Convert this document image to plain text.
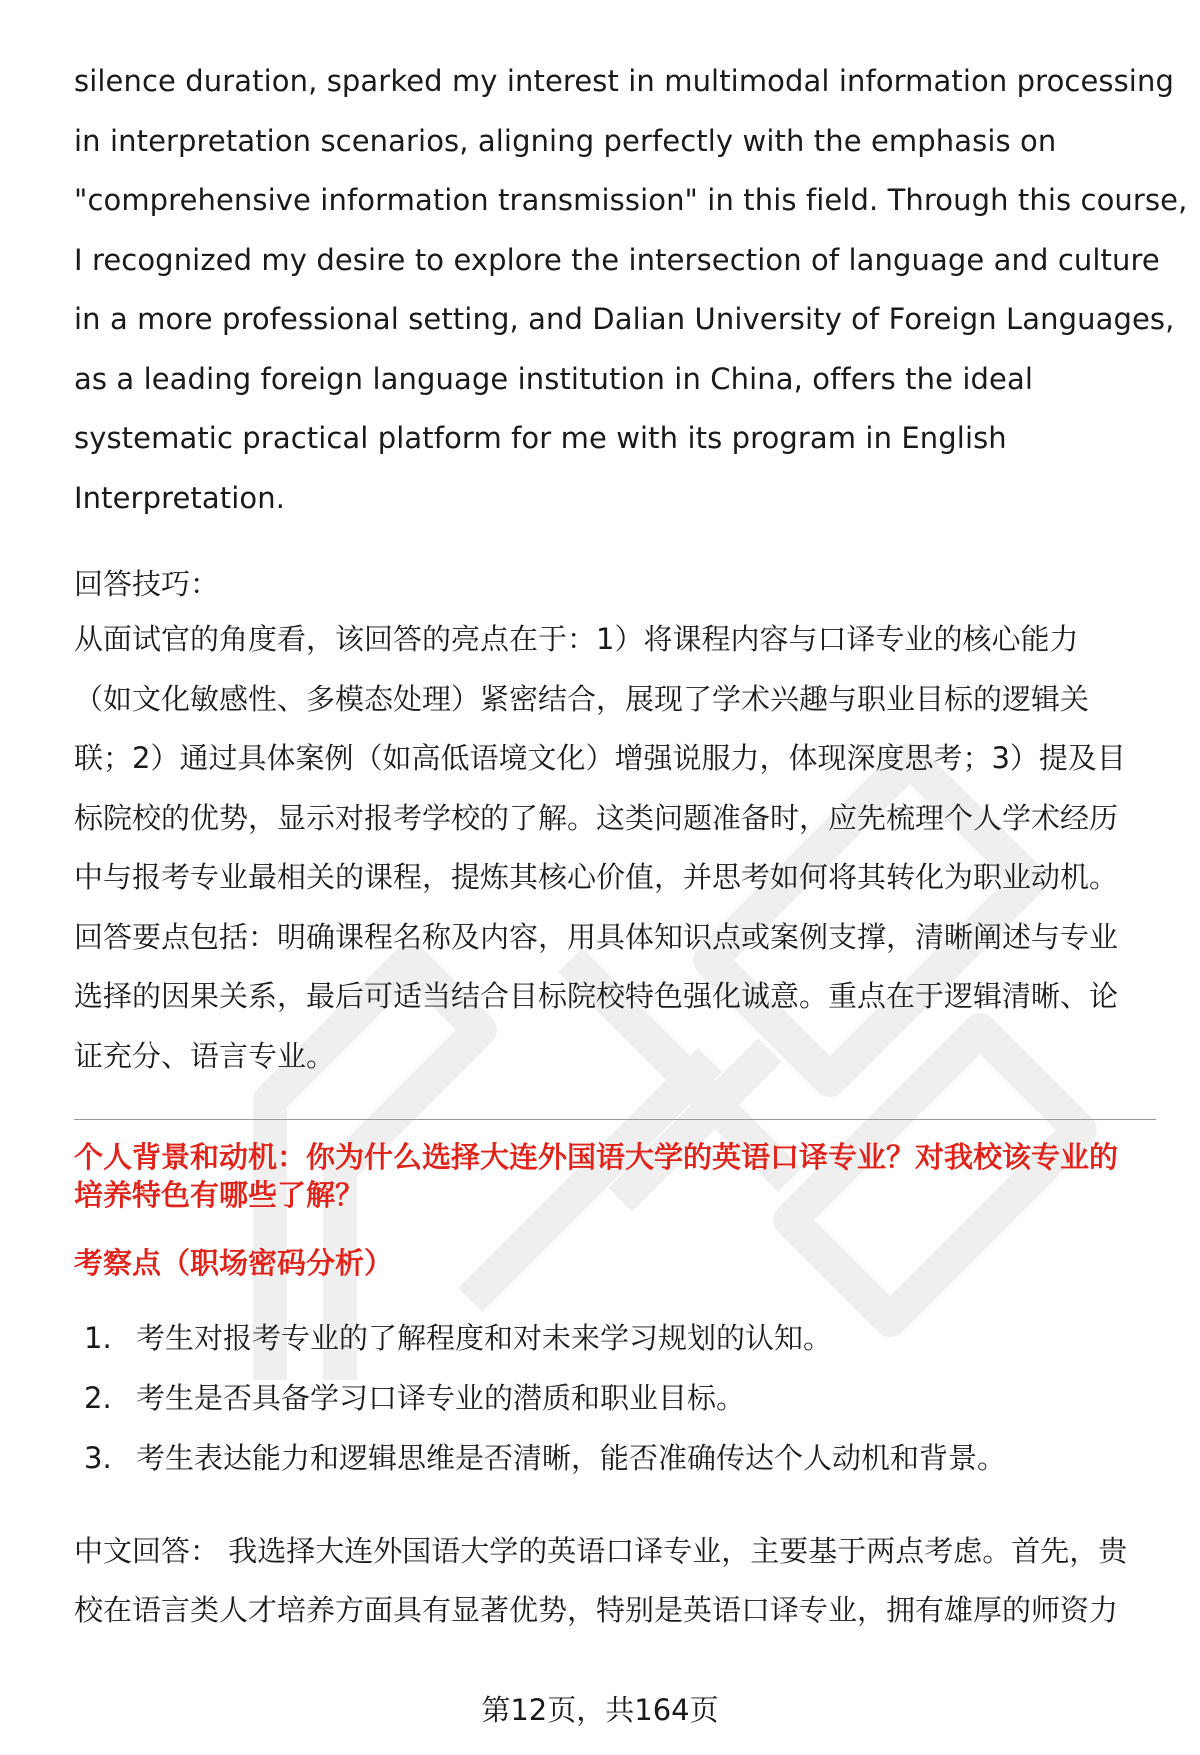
silence duration, sparked my interest in multimodal information processing
in interpretation scenarios, aligning perfectly with the emphasis on
"comprehensive information transmission" in this field. Through this course,
I recognized my desire to explore the intersection of language and culture
in a more professional setting, and Dalian University of Foreign Languages,
as a leading foreign language institution in China, offers the ideal
systematic practical platform for me with its program in English
Interpretation.
回答技巧：
从面试官的角度看，该回答的亮点在于：1）将课程内容与口译专业的核心能力
（如文化敏感性、多模态处理）紧密结合，展现了学术兴趣与职业目标的逻辑关
联；2）通过具体案例（如高低语境文化）增强说服力，体现深度思考；3）提及目
标院校的优势，显示对报考学校的了解。这类问题准备时，应先梳理个人学术经历
中与报考专业最相关的课程，提炼其核心价值，并思考如何将其转化为职业动机。
回答要点包括：明确课程名称及内容，用具体知识点或案例支撑，清晰阐述与专业
选择的因果关系，最后可适当结合目标院校特色强化诚意。重点在于逻辑清晰、论
证充分、语言专业。
个人背景和动机：你为什么选择大连外国语大学的英语口译专业？对我校该专业的
培养特色有哪些了解？
考察点（职场密码分析）
1. 考生对报考专业的了解程度和对未来学习规划的认知。
2. 考生是否具备学习口译专业的潜质和职业目标。
3. 考生表达能力和逻辑思维是否清晰，能否准确传达个人动机和背景。
中文回答： 我选择大连外国语大学的英语口译专业，主要基于两点考虑。首先，贵
校在语言类人才培养方面具有显著优势，特别是英语口译专业，拥有雄厚的师资力
第12页，共164页
